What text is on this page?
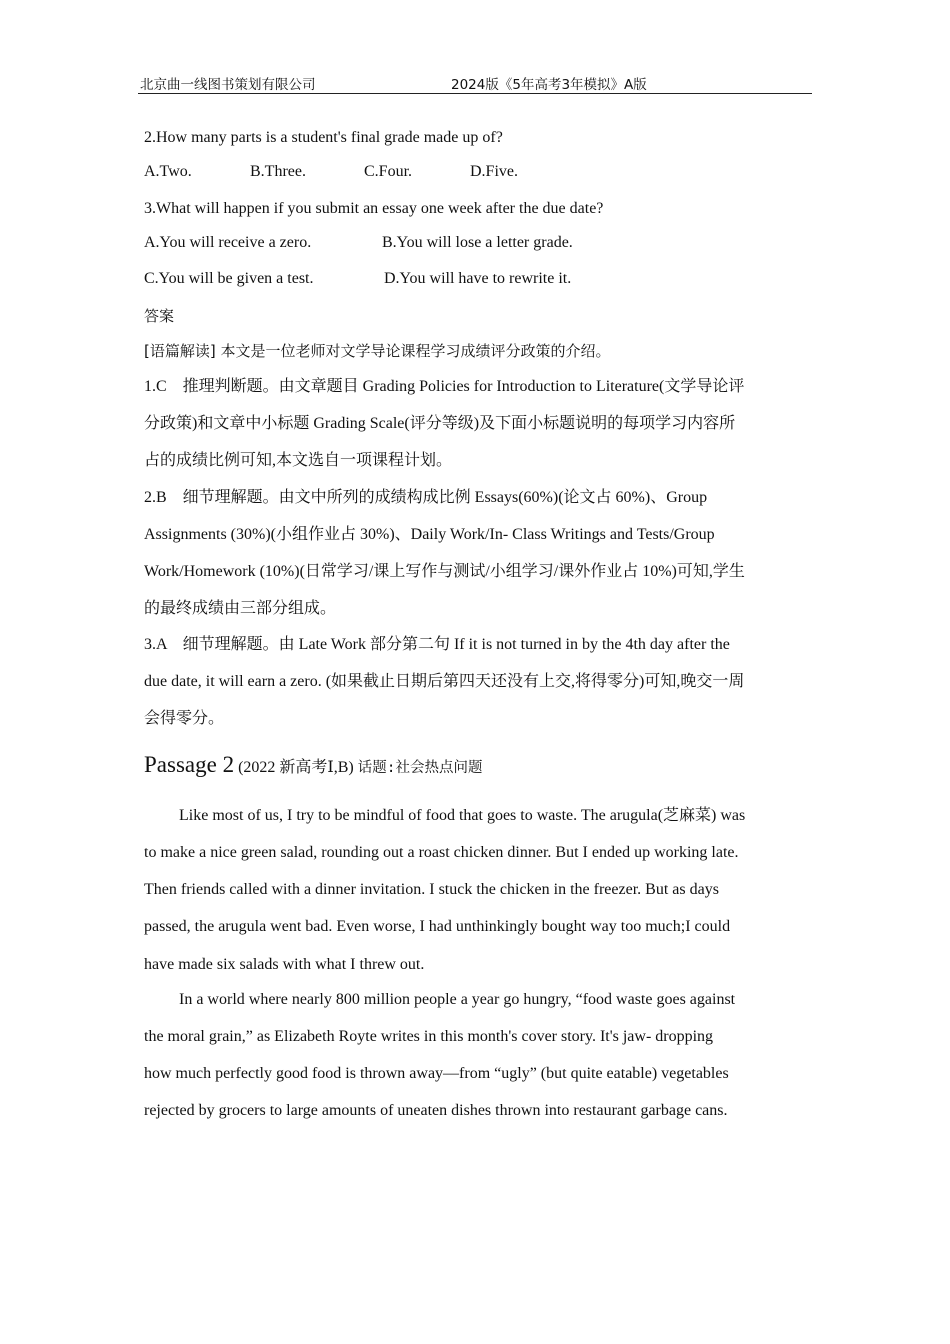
北京曲一线图书策划有限公司	2024版《5年高考3年模拟》A版
2.How many parts is a student's final grade made up of?
A.Two.	B.Three.	C.Four.	D.Five.
3.What will happen if you submit an essay one week after the due date?
A.You will receive a zero.	B.You will lose a letter grade.
C.You will be given a test.	D.You will have to rewrite it.
答案
[语篇解读] 本文是一位老师对文学导论课程学习成绩评分政策的介绍。
1.C　推理判断题。由文章题目 Grading Policies for Introduction to Literature(文学导论评
分政策)和文章中小标题 Grading Scale(评分等级)及下面小标题说明的每项学习内容所
占的成绩比例可知,本文选自一项课程计划。
2.B　细节理解题。由文中所列的成绩构成比例 Essays(60%)(论文占 60%)、Group
Assignments (30%)(小组作业占 30%)、Daily Work/In‑ Class Writings and Tests/Group
Work/Homework (10%)(日常学习/课上写作与测试/小组学习/课外作业占 10%)可知,学生
的最终成绩由三部分组成。
3.A　细节理解题。由 Late Work 部分第二句 If it is not turned in by the 4th day after the
due date, it will earn a zero. (如果截止日期后第四天还没有上交,将得零分)可知,晚交一周
会得零分。
Passage 2 (2022 新高考Ⅰ,B) 话题:社会热点问题
Like most of us, I try to be mindful of food that goes to waste. The arugula(芝麻菜) was
to make a nice green salad, rounding out a roast chicken dinner. But I ended up working late.
Then friends called with a dinner invitation. I stuck the chicken in the freezer. But as days
passed, the arugula went bad. Even worse, I had unthinkingly bought way too much;I could
have made six salads with what I threw out.
In a world where nearly 800 million people a year go hungry, “food waste goes against
the moral grain,” as Elizabeth Royte writes in this month's cover story. It's jaw‑ dropping
how much perfectly good food is thrown away—from “ugly” (but quite eatable) vegetables
rejected by grocers to large amounts of uneaten dishes thrown into restaurant garbage cans.
